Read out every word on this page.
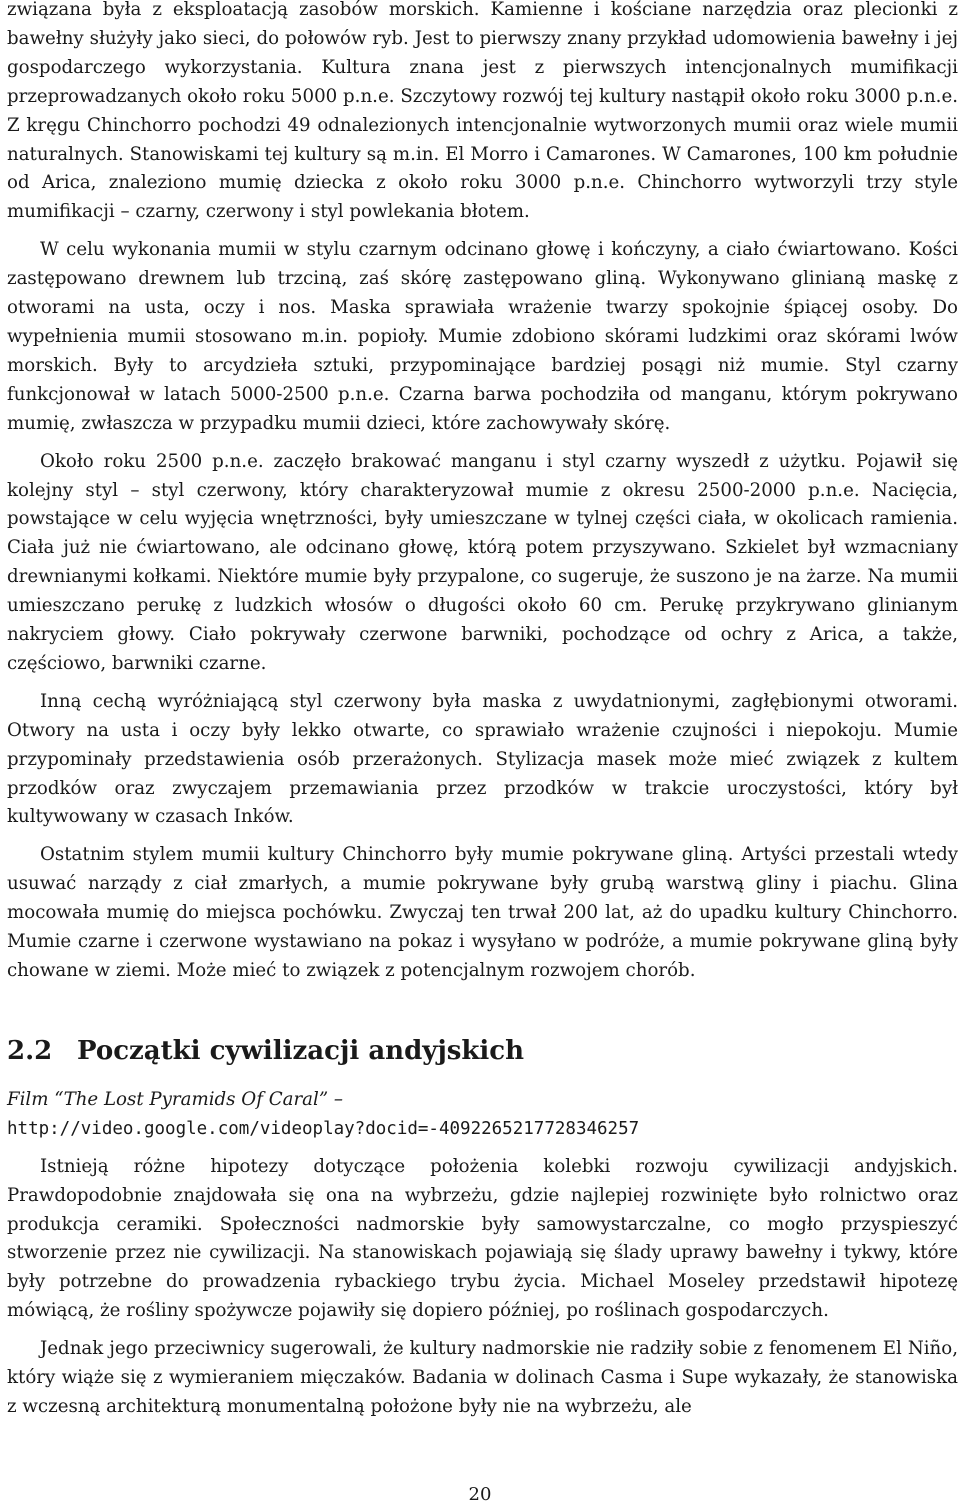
związana była z eksploatacją zasobów morskich. Kamienne i kościane narzędzia oraz plecionki z bawełny służyły jako sieci, do połowów ryb. Jest to pierwszy znany przykład udomowienia bawełny i jej gospodarczego wykorzystania. Kultura znana jest z pierwszych intencjonalnych mumifikacji przeprowadzanych około roku 5000 p.n.e. Szczytowy rozwój tej kultury nastąpił około roku 3000 p.n.e. Z kręgu Chinchorro pochodzi 49 odnalezionych intencjonalnie wytworzonych mumii oraz wiele mumii naturalnych. Stanowiskami tej kultury są m.in. El Morro i Camarones. W Camarones, 100 km południe od Arica, znaleziono mumię dziecka z około roku 3000 p.n.e. Chinchorro wytworzyli trzy style mumifikacji – czarny, czerwony i styl powlekania błotem.

W celu wykonania mumii w stylu czarnym odcinano głowę i kończyny, a ciało ćwiartowano. Kości zastępowano drewnem lub trzciną, zaś skórę zastępowano gliną. Wykonywano glinianą maskę z otworami na usta, oczy i nos. Maska sprawiała wrażenie twarzy spokojnie śpiącej osoby. Do wypełnienia mumii stosowano m.in. popioły. Mumie zdobiono skórami ludzkimi oraz skórami lwów morskich. Były to arcydzieła sztuki, przypominające bardziej posągi niż mumie. Styl czarny funkcjonował w latach 5000-2500 p.n.e. Czarna barwa pochodziła od manganu, którym pokrywano mumię, zwłaszcza w przypadku mumii dzieci, które zachowywały skórę.

Około roku 2500 p.n.e. zaczęło brakować manganu i styl czarny wyszedł z użytku. Pojawił się kolejny styl – styl czerwony, który charakteryzował mumie z okresu 2500-2000 p.n.e. Nacięcia, powstające w celu wyjęcia wnętrzności, były umieszczane w tylnej części ciała, w okolicach ramienia. Ciała już nie ćwiartowano, ale odcinano głowę, którą potem przyszywano. Szkielet był wzmacniany drewnianymi kołkami. Niektóre mumie były przypalone, co sugeruje, że suszono je na żarze. Na mumii umieszczano perukę z ludzkich włosów o długości około 60 cm. Perukę przykrywano glinianym nakryciem głowy. Ciało pokrywały czerwone barwniki, pochodzące od ochry z Arica, a także, częściowo, barwniki czarne.

Inną cechą wyróżniającą styl czerwony była maska z uwydatnionymi, zagłębionymi otworami. Otwory na usta i oczy były lekko otwarte, co sprawiało wrażenie czujności i niepokoju. Mumie przypominały przedstawienia osób przerażonych. Stylizacja masek może mieć związek z kultem przodków oraz zwyczajem przemawiania przez przodków w trakcie uroczystości, który był kultywowany w czasach Inków.

Ostatnim stylem mumii kultury Chinchorro były mumie pokrywane gliną. Artyści przestali wtedy usuwać narządy z ciał zmarłych, a mumie pokrywane były grubą warstwą gliny i piachu. Glina mocowała mumię do miejsca pochówku. Zwyczaj ten trwał 200 lat, aż do upadku kultury Chinchorro. Mumie czarne i czerwone wystawiano na pokaz i wysyłano w podróże, a mumie pokrywane gliną były chowane w ziemi. Może mieć to związek z potencjalnym rozwojem chorób.

2.2 Początki cywilizacji andyjskich

Film “The Lost Pyramids Of Caral” –
http://video.google.com/videoplay?docid=-4092265217728346257

Istnieją różne hipotezy dotyczące położenia kolebki rozwoju cywilizacji andyjskich. Prawdopodobnie znajdowała się ona na wybrzeżu, gdzie najlepiej rozwinięte było rolnictwo oraz produkcja ceramiki. Społeczności nadmorskie były samowystarczalne, co mogło przyspieszyć stworzenie przez nie cywilizacji. Na stanowiskach pojawiają się ślady uprawy bawełny i tykwy, które były potrzebne do prowadzenia rybackiego trybu życia. Michael Moseley przedstawił hipotezę mówiącą, że rośliny spożywcze pojawiły się dopiero później, po roślinach gospodarczych.

Jednak jego przeciwnicy sugerowali, że kultury nadmorskie nie radziły sobie z fenomenem El Niño, który wiąże się z wymieraniem mięczaków. Badania w dolinach Casma i Supe wykazały, że stanowiska z wczesną architekturą monumentalną położone były nie na wybrzeżu, ale

20
